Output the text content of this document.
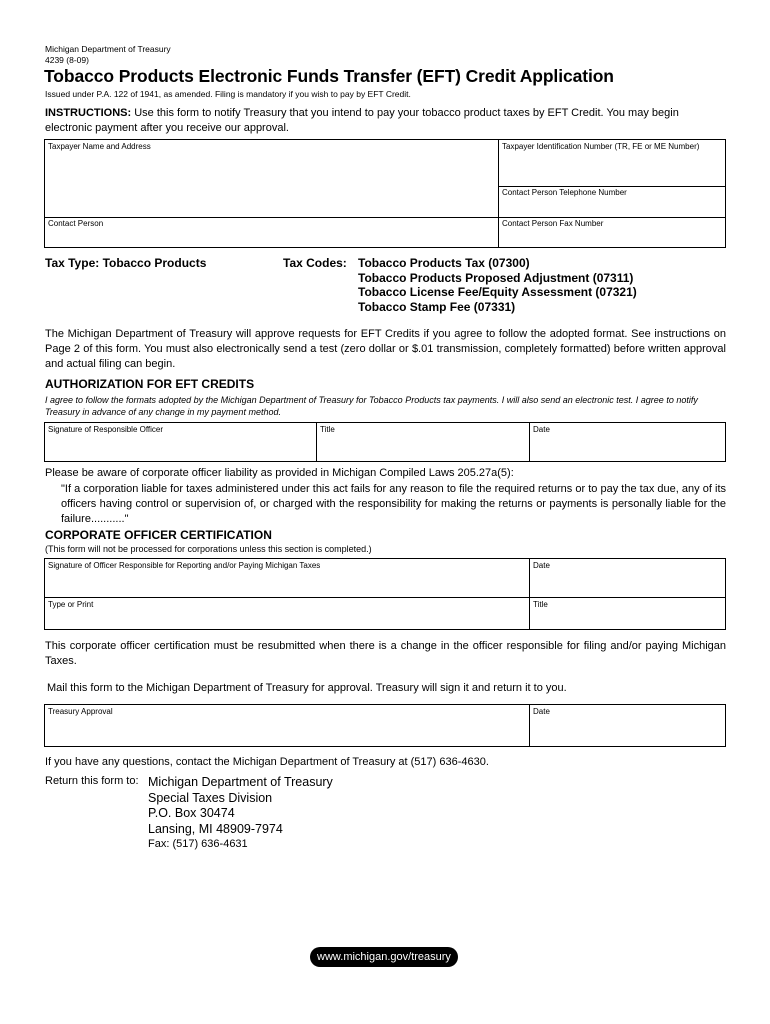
Michigan Department of Treasury
4239 (8-09)
Tobacco Products Electronic Funds Transfer (EFT) Credit Application
Issued under P.A. 122 of 1941, as amended. Filing is mandatory if you wish to pay by EFT Credit.
INSTRUCTIONS: Use this form to notify Treasury that you intend to pay your tobacco product taxes by EFT Credit. You may begin electronic payment after you receive our approval.
Taxpayer Name and Address	Taxpayer Identification Number (TR, FE or ME Number)
Contact Person Telephone Number
Contact Person	Contact Person Fax Number
Tax Type: Tobacco Products	Tax Codes: Tobacco Products Tax (07300)
Tobacco Products Proposed Adjustment (07311)
Tobacco License Fee/Equity Assessment (07321)
Tobacco Stamp Fee (07331)
The Michigan Department of Treasury will approve requests for EFT Credits if you agree to follow the adopted format. See instructions on Page 2 of this form. You must also electronically send a test (zero dollar or $.01 transmission, completely formatted) before written approval and actual filing can begin.
AUTHORIZATION FOR EFT CREDITS
I agree to follow the formats adopted by the Michigan Department of Treasury for Tobacco Products tax payments. I will also send an electronic test. I agree to notify Treasury in advance of any change in my payment method.
Signature of Responsible Officer	Title	Date
Please be aware of corporate officer liability as provided in Michigan Compiled Laws 205.27a(5):
"If a corporation liable for taxes administered under this act fails for any reason to file the required returns or to pay the tax due, any of its officers having control or supervision of, or charged with the responsibility for making the returns or payments is personally liable for the failure..........."
CORPORATE OFFICER CERTIFICATION
(This form will not be processed for corporations unless this section is completed.)
Signature of Officer Responsible for Reporting and/or Paying Michigan Taxes	Date
Type or Print	Title
This corporate officer certification must be resubmitted when there is a change in the officer responsible for filing and/or paying Michigan Taxes.
Mail this form to the Michigan Department of Treasury for approval. Treasury will sign it and return it to you.
Treasury Approval	Date
If you have any questions, contact the Michigan Department of Treasury at (517) 636-4630.
Return this form to: Michigan Department of Treasury
Special Taxes Division
P.O. Box 30474
Lansing, MI 48909-7974
Fax: (517) 636-4631
www.michigan.gov/treasury
